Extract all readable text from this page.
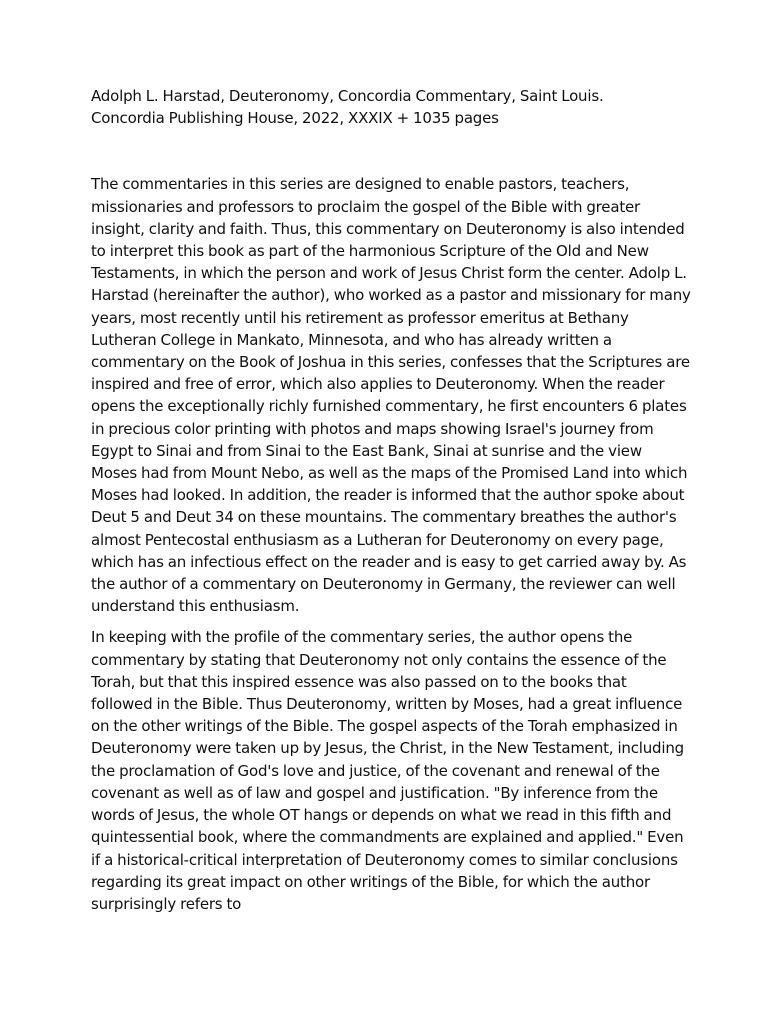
Adolph L. Harstad, Deuteronomy, Concordia Commentary, Saint Louis.

Concordia Publishing House, 2022, XXXIX + 1035 pages

The commentaries in this series are designed to enable pastors, teachers, missionaries and professors to proclaim the gospel of the Bible with greater insight, clarity and faith. Thus, this commentary on Deuteronomy is also intended to interpret this book as part of the harmonious Scripture of the Old and New Testaments, in which the person and work of Jesus Christ form the center. Adolp L. Harstad (hereinafter the author), who worked as a pastor and missionary for many years, most recently until his retirement as professor emeritus at Bethany Lutheran College in Mankato, Minnesota, and who has already written a commentary on the Book of Joshua in this series, confesses that the Scriptures are inspired and free of error, which also applies to Deuteronomy. When the reader opens the exceptionally richly furnished commentary, he first encounters 6 plates in precious color printing with photos and maps showing Israel's journey from Egypt to Sinai and from Sinai to the East Bank, Sinai at sunrise and the view Moses had from Mount Nebo, as well as the maps of the Promised Land into which Moses had looked. In addition, the reader is informed that the author spoke about Deut 5 and Deut 34 on these mountains. The commentary breathes the author's almost Pentecostal enthusiasm as a Lutheran for Deuteronomy on every page, which has an infectious effect on the reader and is easy to get carried away by. As the author of a commentary on Deuteronomy in Germany, the reviewer can well understand this enthusiasm.

In keeping with the profile of the commentary series, the author opens the commentary by stating that Deuteronomy not only contains the essence of the Torah, but that this inspired essence was also passed on to the books that followed in the Bible. Thus Deuteronomy, written by Moses, had a great influence on the other writings of the Bible. The gospel aspects of the Torah emphasized in Deuteronomy were taken up by Jesus, the Christ, in the New Testament, including the proclamation of God's love and justice, of the covenant and renewal of the covenant as well as of law and gospel and justification. "By inference from the words of Jesus, the whole OT hangs or depends on what we read in this fifth and quintessential book, where the commandments are explained and applied." Even if a historical-critical interpretation of Deuteronomy comes to similar conclusions regarding its great impact on other writings of the Bible, for which the author surprisingly refers to
